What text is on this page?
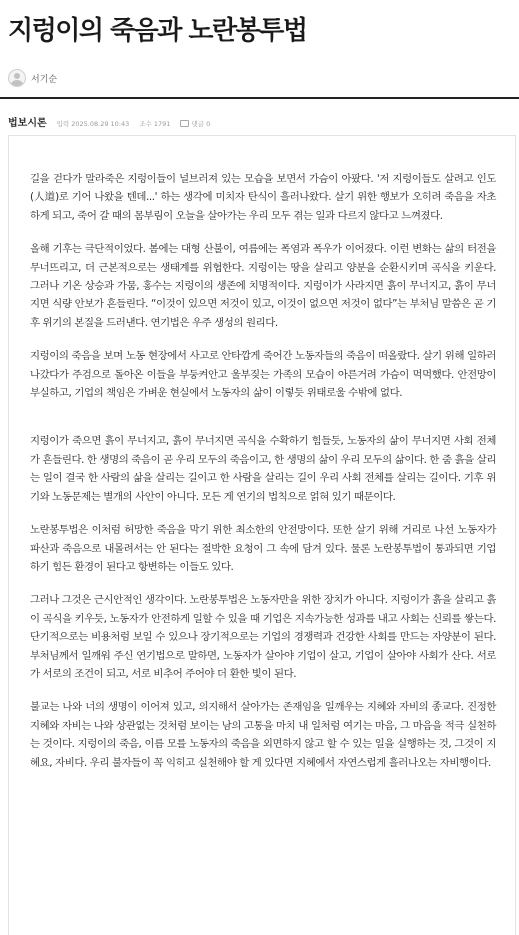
지렁이의 죽음과 노란봉투법
서기순
법보시론 입력 2025.08.29 10:43 조수 1791	댓글 0

길을 걷다가 말라죽은 지렁이들이 널브러져 있는 모습을 보면서 가슴이 아팠다. '저 지렁이들도 살려고 인도(人道)로 기어 나왔을 텐데...' 하는 생각에 미치자 탄식이 흘러나왔다. 살기 위한 행보가 오히려 죽음을 자초하게 되고, 죽어 갈 때의 몸부림이 오늘을 살아가는 우리 모두 겪는 일과 다르지 않다고 느껴졌다.

올해 기후는 극단적이었다. 봄에는 대형 산불이, 여름에는 폭염과 폭우가 이어졌다. 이런 변화는 삶의 터전을 무너뜨리고, 더 근본적으로는 생태계를 위협한다. 지렁이는 땅을 살리고 양분을 순환시키며 곡식을 키운다. 그러나 기온 상승과 가뭄, 홍수는 지렁이의 생존에 치명적이다. 지렁이가 사라지면 흙이 무너지고, 흙이 무너지면 식량 안보가 흔들린다. “이것이 있으면 저것이 있고, 이것이 없으면 저것이 없다”는 부처님 말씀은 곧 기후 위기의 본질을 드러낸다. 연기법은 우주 생성의 원리다.

지렁이의 죽음을 보며 노동 현장에서 사고로 안타깝게 죽어간 노동자들의 죽음이 떠올랐다. 살기 위해 일하러 나갔다가 주검으로 돌아온 이들을 부둥켜안고 울부짖는 가족의 모습이 아른거려 가슴이 먹먹했다. 안전망이 부실하고, 기업의 책임은 가벼운 현실에서 노동자의 삶이 이렇듯 위태로울 수밖에 없다.

지렁이가 죽으면 흙이 무너지고, 흙이 무너지면 곡식을 수확하기 힘들듯, 노동자의 삶이 무너지면 사회 전체가 흔들린다. 한 생명의 죽음이 곧 우리 모두의 죽음이고, 한 생명의 삶이 우리 모두의 삶이다. 한 줌 흙을 살리는 일이 결국 한 사람의 삶을 살리는 길이고 한 사람을 살리는 길이 우리 사회 전체를 살리는 길이다. 기후 위기와 노동문제는 별개의 사안이 아니다. 모든 게 연기의 법칙으로 얽혀 있기 때문이다.

노란봉투법은 이처럼 허망한 죽음을 막기 위한 최소한의 안전망이다. 또한 살기 위해 거리로 나선 노동자가 파산과 죽음으로 내몰려서는 안 된다는 절박한 요청이 그 속에 담겨 있다. 물론 노란봉투법이 통과되면 기업하기 힘든 환경이 된다고 항변하는 이들도 있다.

그러나 그것은 근시안적인 생각이다. 노란봉투법은 노동자만을 위한 장치가 아니다. 지렁이가 흙을 살리고 흙이 곡식을 키우듯, 노동자가 안전하게 일할 수 있을 때 기업은 지속가능한 성과를 내고 사회는 신뢰를 쌓는다. 단기적으로는 비용처럼 보일 수 있으나 장기적으로는 기업의 경쟁력과 건강한 사회를 만드는 자양분이 된다. 부처님께서 일깨워 주신 연기법으로 말하면, 노동자가 살아야 기업이 살고, 기업이 살아야 사회가 산다. 서로가 서로의 조건이 되고, 서로 비추어 주어야 더 환한 빛이 된다.

불교는 나와 너의 생명이 이어져 있고, 의지해서 살아가는 존재임을 일깨우는 지혜와 자비의 종교다. 진정한 지혜와 자비는 나와 상관없는 것처럼 보이는 남의 고통을 마치 내 일처럼 여기는 마음, 그 마음을 적극 실천하는 것이다. 지렁이의 죽음, 이름 모를 노동자의 죽음을 외면하지 않고 할 수 있는 일을 실행하는 것, 그것이 지혜요, 자비다. 우리 불자들이 꼭 익히고 실천해야 할 게 있다면 지혜에서 자연스럽게 흘러나오는 자비행이다.
